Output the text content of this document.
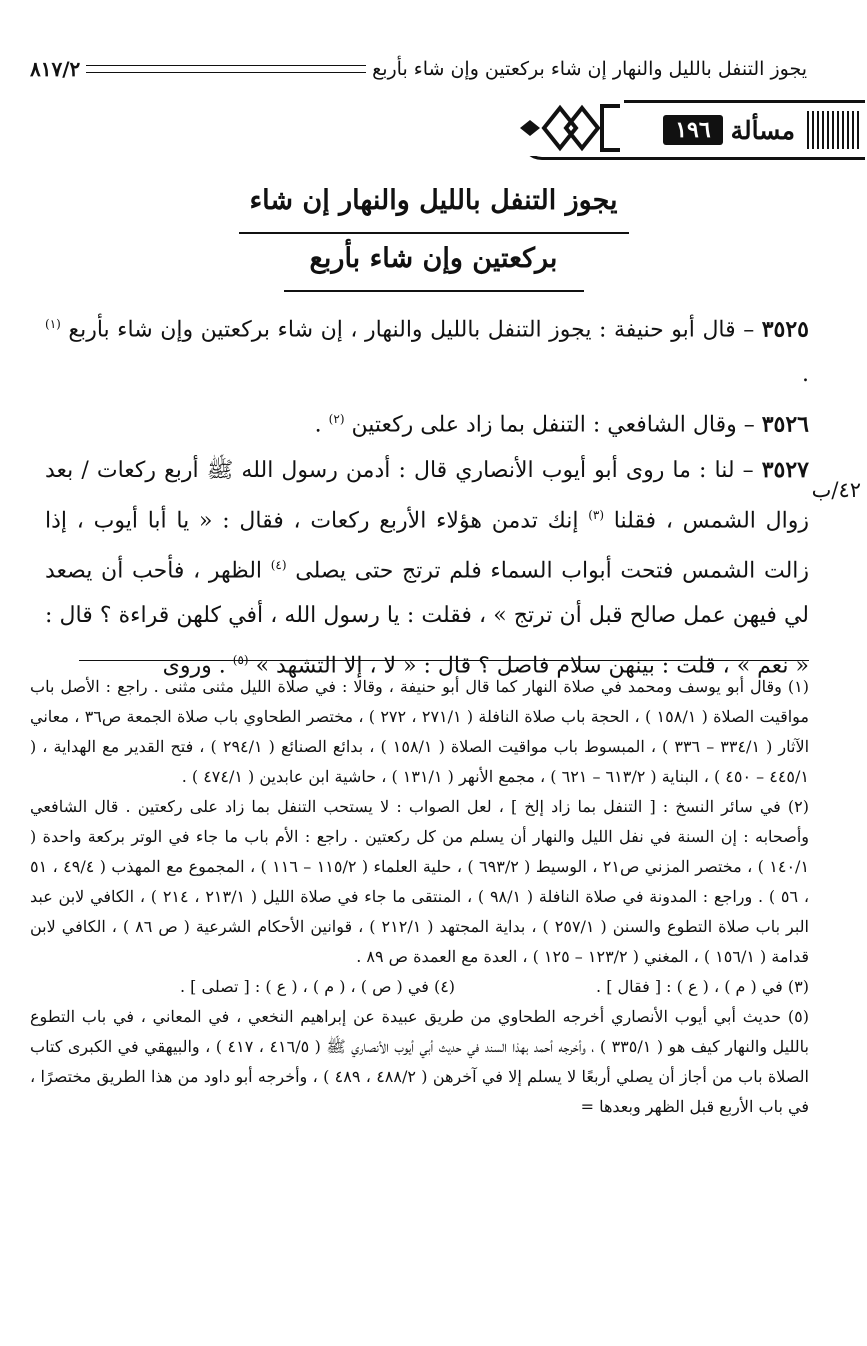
يجوز التنفل بالليل والنهار إن شاء بركعتين وإن شاء بأربع
٨١٧/٢
مسألة
١٩٦
يجوز التنفل بالليل والنهار إن شاء
بركعتين وإن شاء بأربع

٣٥٢٥ – قال أبو حنيفة : يجوز التنفل بالليل والنهار ، إن شاء بركعتين وإن شاء بأربع $^{(١)}$ .

٣٥٢٦ – وقال الشافعي : التنفل بما زاد على ركعتين $^{(٢)}$ .

٣٥٢٧ – لنا : ما روى أبو أيوب الأنصاري قال : أدمن رسول الله ﷺ أربع ركعات / بعد زوال الشمس ، فقلنا $^{(٣)}$ إنك تدمن هؤلاء الأربع ركعات ، فقال : « يا أبا أيوب ، إذا زالت الشمس فتحت أبواب السماء فلم ترتج حتى يصلى $^{(٤)}$ الظهر ، فأحب أن يصعد لي فيهن عمل صالح قبل أن ترتج » ، فقلت : يا رسول الله ، أفي كلهن قراءة ؟ قال : « نعم » ، قلت : بينهن سلام فاصل ؟ قال : « لا ، إلا التشهد » $^{(٥)}$ . وروى

٤٢/ب

(١) وقال أبو يوسف ومحمد في صلاة النهار كما قال أبو حنيفة ، وقالا : في صلاة الليل مثنى مثنى . راجع : الأصل باب مواقيت الصلاة ( ١٥٨/١ ) ، الحجة باب صلاة النافلة ( ٢٧١/١ ، ٢٧٢ ) ، مختصر الطحاوي باب صلاة الجمعة ص٣٦ ، معاني الآثار ( ٣٣٤/١ – ٣٣٦ ) ، المبسوط باب مواقيت الصلاة ( ١٥٨/١ ) ، بدائع الصنائع ( ٢٩٤/١ ) ، فتح القدير مع الهداية ، ( ٤٤٥/١ – ٤٥٠ ) ، البناية ( ٦١٣/٢ – ٦٢١ ) ، مجمع الأنهر ( ١٣١/١ ) ، حاشية ابن عابدين ( ٤٧٤/١ ) .

(٢) في سائر النسخ : [ التنفل بما زاد إلخ ] ، لعل الصواب : لا يستحب التنفل بما زاد على ركعتين . قال الشافعي وأصحابه : إن السنة في نفل الليل والنهار أن يسلم من كل ركعتين . راجع : الأم باب ما جاء في الوتر بركعة واحدة ( ١٤٠/١ ) ، مختصر المزني ص٢١ ، الوسيط ( ٦٩٣/٢ ) ، حلية العلماء ( ١١٥/٢ – ١١٦ ) ، المجموع مع المهذب ( ٤٩/٤ ، ٥١ ، ٥٦ ) . وراجع : المدونة في صلاة النافلة ( ٩٨/١ ) ، المنتقى ما جاء في صلاة الليل ( ٢١٣/١ ، ٢١٤ ) ، الكافي لابن عبد البر باب صلاة التطوع والسنن ( ٢٥٧/١ ) ، بداية المجتهد ( ٢١٢/١ ) ، قوانين الأحكام الشرعية ( ص ٨٦ ) ، الكافي لابن قدامة ( ١٥٦/١ ) ، المغني ( ١٢٣/٢ – ١٢٥ ) ، العدة مع العمدة ص ٨٩ .

(٣) في ( م ) ، ( ع ) : [ فقال ] .
(٤) في ( ص ) ، ( م ) ، ( ع ) : [ تصلى ] .

(٥) حديث أبي أيوب الأنصاري أخرجه الطحاوي من طريق عبيدة عن إبراهيم النخعي ، في المعاني ، في باب التطوع بالليل والنهار كيف هو ( ٣٣٥/١ ) ، وأخرجه أحمد بهذا السند في حديث أبي أيوب الأنصاري ﷺ ( ٤١٦/٥ ، ٤١٧ ) ، والبيهقي في الكبرى كتاب الصلاة باب من أجاز أن يصلي أربعًا لا يسلم إلا في آخرهن ( ٤٨٨/٢ ، ٤٨٩ ) ، وأخرجه أبو داود من هذا الطريق مختصرًا ، في باب الأربع قبل الظهر وبعدها =
